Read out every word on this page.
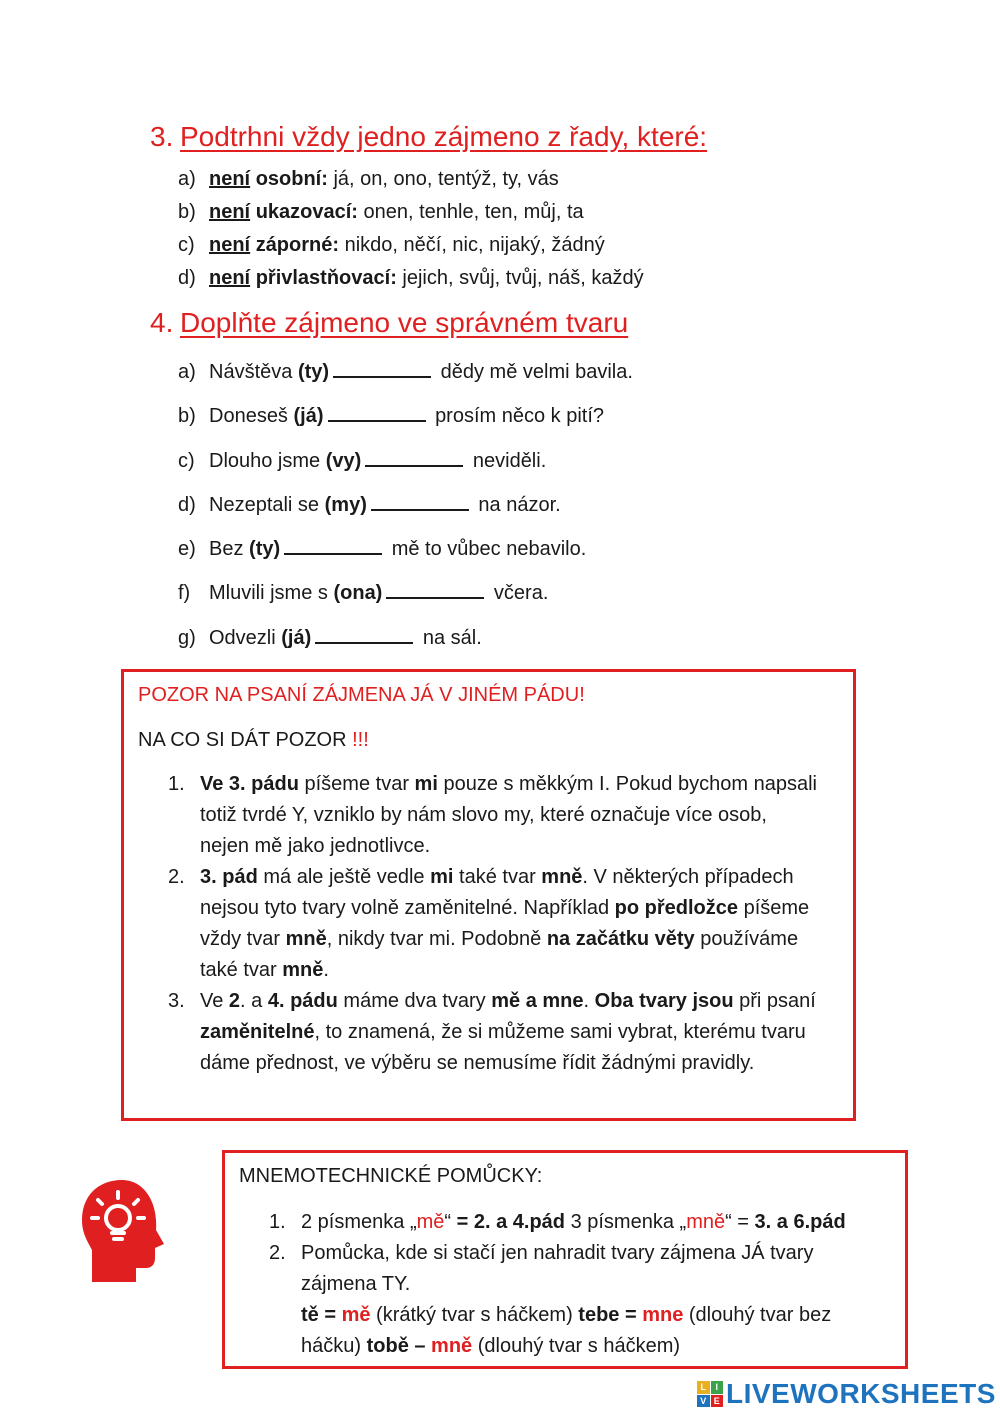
3. Podtrhni vždy jedno zájmeno z řady, které:
a) není osobní: já, on, ono, tentýž, ty, vás
b) není ukazovací: onen, tenhle, ten, můj, ta
c) není záporné: nikdo, něčí, nic, nijaký, žádný
d) není přivlastňovací: jejich, svůj, tvůj, náš, každý
4. Doplňte zájmeno ve správném tvaru
a) Návštěva (ty)	dědy mě velmi bavila.
b) Doneseš (já)	prosím něco k pití?
c) Dlouho jsme (vy)	neviděli.
d) Nezeptali se (my)	na názor.
e) Bez (ty)	mě to vůbec nebavilo.
f) Mluvili jsme s (ona)	včera.
g) Odvezli (já)	na sál.
POZOR NA PSANÍ ZÁJMENA JÁ V JINÉM PÁDU!
NA CO SI DÁT POZOR !!!
1. Ve 3. pádu píšeme tvar mi pouze s měkkým I. Pokud bychom napsali totiž tvrdé Y, vzniklo by nám slovo my, které označuje více osob, nejen mě jako jednotlivce.
2. 3. pád má ale ještě vedle mi také tvar mně. V některých případech nejsou tyto tvary volně zaměnitelné. Například po předložce píšeme vždy tvar mně, nikdy tvar mi. Podobně na začátku věty používáme také tvar mně.
3. Ve 2. a 4. pádu máme dva tvary mě a mne. Oba tvary jsou při psaní zaměnitelné, to znamená, že si můžeme sami vybrat, kterému tvaru dáme přednost, ve výběru se nemusíme řídit žádnými pravidly.
MNEMOTECHNICKÉ POMŮCKY:
1. 2 písmenka „mě“ = 2. a 4.pád 3 písmenka „mně“ = 3. a 6.pád
2. Pomůcka, kde si stačí jen nahradit tvary zájmena JÁ tvary zájmena TY.
tě = mě (krátký tvar s háčkem) tebe = mne (dlouhý tvar bez háčku) tobě – mně (dlouhý tvar s háčkem)
L	I
V E LIVEWORKSHEETS
